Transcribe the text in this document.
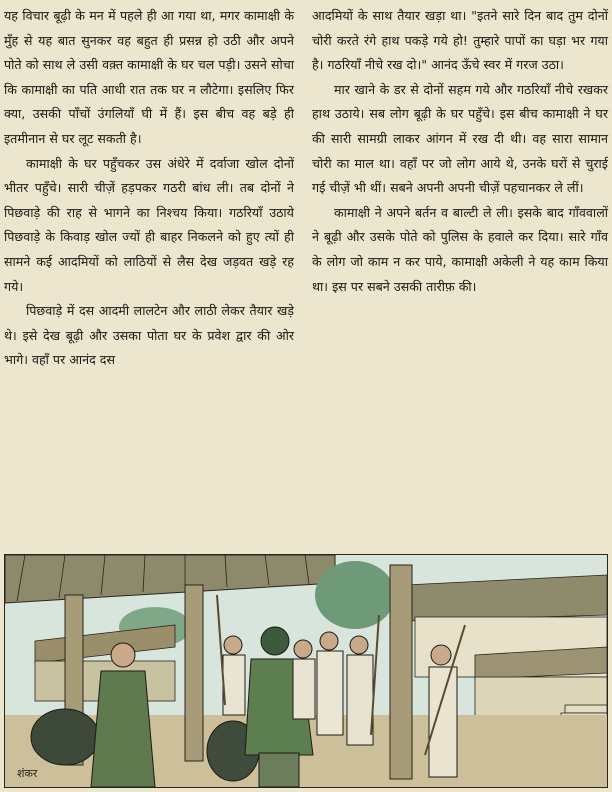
यह विचार बूढ़ी के मन में पहले ही आ गया था, मगर कामाक्षी के मुँह से यह बात सुनकर वह बहुत ही प्रसन्न हो उठी और अपने पोते को साथ ले उसी वक़्त कामाक्षी के घर चल पड़ी। उसने सोचा कि कामाक्षी का पति आधी रात तक घर न लौटेगा। इसलिए फिर क्या, उसकी पाँचों उंगलियाँ घी में हैं। इस बीच वह बड़े ही इतमीनान से घर लूट सकती है।

कामाक्षी के घर पहुँचकर उस अंधेरे में दर्वाजा खोल दोनों भीतर पहुँचे। सारी चीज़ें हड़पकर गठरी बांध ली। तब दोनों ने पिछवाड़े की राह से भागने का निश्चय किया। गठरियाँ उठाये पिछवाड़े के किवाड़ खोल ज्यों ही बाहर निकलने को हुए त्यों ही सामने कई आदमियों को लाठियों से लैस देख जड़वत खड़े रह गये।

पिछवाड़े में दस आदमी लालटेन और लाठी लेकर तैयार खड़े थे। इसे देख बूढ़ी और उसका पोता घर के प्रवेश द्वार की ओर भागे। वहाँ पर आनंद दस

आदमियों के साथ तैयार खड़ा था। "इतने सारे दिन बाद तुम दोनों चोरी करते रंगे हाथ पकड़े गये हो! तुम्हारे पापों का घड़ा भर गया है। गठरियाँ नीचे रख दो।" आनंद ऊँचे स्वर में गरज उठा।

मार खाने के डर से दोनों सहम गये और गठरियाँ नीचे रखकर हाथ उठाये। सब लोग बूढ़ी के घर पहुँचे। इस बीच कामाक्षी ने घर की सारी सामग्री लाकर आंगन में रख दी थी। वह सारा सामान चोरी का माल था। वहाँ पर जो लोग आये थे, उनके घरों से चुराई गई चीज़ें भी थीं। सबने अपनी अपनी चीज़ें पहचानकर ले लीं।

कामाक्षी ने अपने बर्तन व बाल्टी ले ली। इसके बाद गाँववालों ने बूढ़ी और उसके पोते को पुलिस के हवाले कर दिया। सारे गाँव के लोग जो काम न कर पाये, कामाक्षी अकेली ने यह काम किया था। इस पर सबने उसकी तारीफ़ की।

शंकर
